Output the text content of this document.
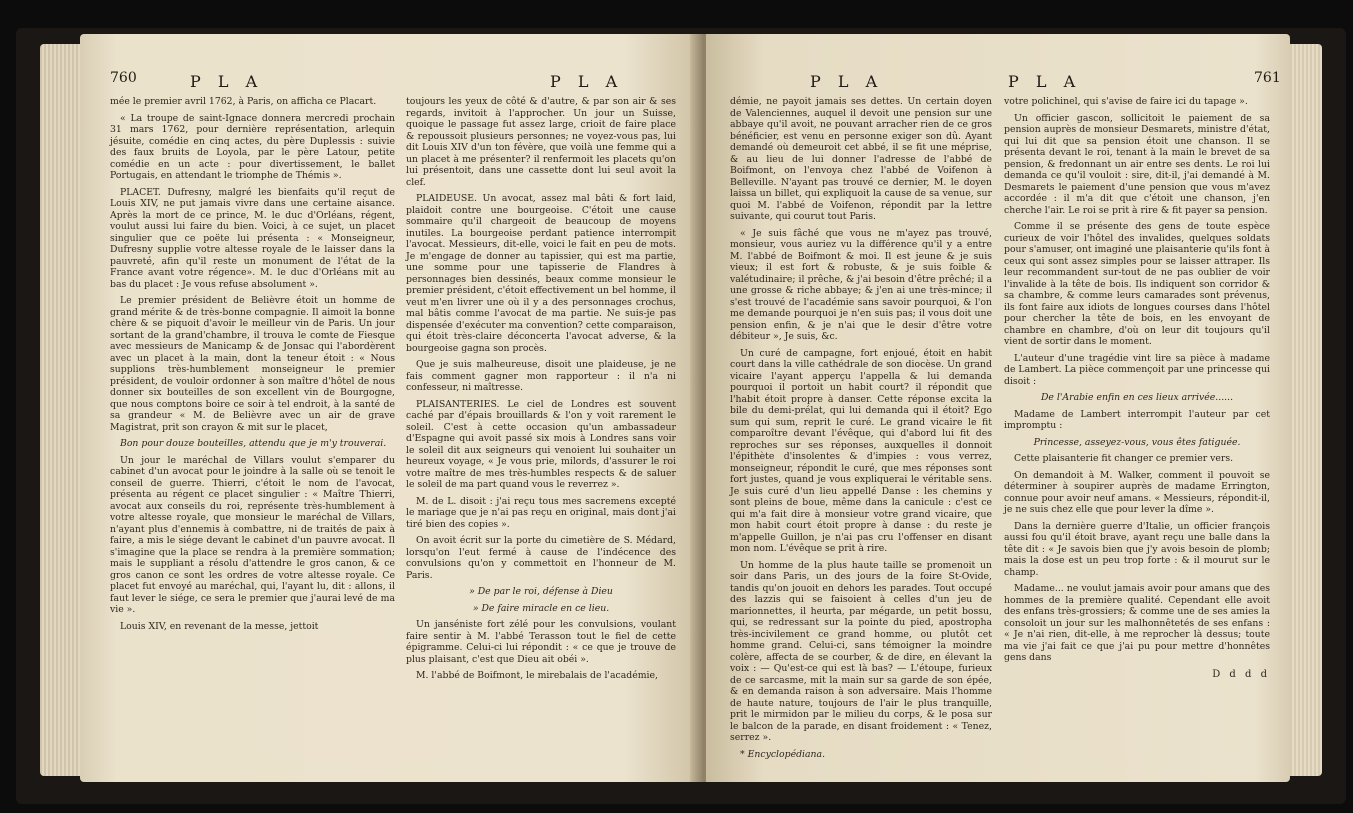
760	P L A	P L A

mée le premier avril 1762, à Paris, on afficha ce Placart.

« La troupe de saint-Ignace donnera mercredi prochain 31 mars 1762, pour dernière représentation, arlequin jésuite, comédie en cinq actes, du père Duplessis : suivie des faux bruits de Loyola, par le père Latour, petite comédie en un acte : pour divertissement, le ballet Portugais, en attendant le triomphe de Thémis ».

PLACET. Dufresny, malgré les bienfaits qu'il reçut de Louis XIV, ne put jamais vivre dans une certaine aisance. Après la mort de ce prince, M. le duc d'Orléans, régent, voulut aussi lui faire du bien. Voici, à ce sujet, un placet singulier que ce poëte lui présenta : « Monseigneur, Dufresny supplie votre altesse royale de le laisser dans la pauvreté, afin qu'il reste un monument de l'état de la France avant votre régence». M. le duc d'Orléans mit au bas du placet : Je vous refuse absolument ».

Le premier président de Belièvre étoit un homme de grand mérite & de très-bonne compagnie. Il aimoit la bonne chère & se piquoit d'avoir le meilleur vin de Paris. Un jour sortant de la grand'chambre, il trouva le comte de Fiesque avec messieurs de Manicamp & de Jonsac qui l'abordèrent avec un placet à la main, dont la teneur étoit : « Nous supplions très-humblement monseigneur le premier président, de vouloir ordonner à son maître d'hôtel de nous donner six bouteilles de son excellent vin de Bourgogne, que nous comptons boire ce soir à tel endroit, à la santé de sa grandeur « M. de Belièvre avec un air de grave Magistrat, prit son crayon & mit sur le placet,

Bon pour douze bouteilles, attendu que je m'y trouverai.

Un jour le maréchal de Villars voulut s'emparer du cabinet d'un avocat pour le joindre à la salle où se tenoit le conseil de guerre. Thierri, c'étoit le nom de l'avocat, présenta au régent ce placet singulier : « Maître Thierri, avocat aux conseils du roi, représente très-humblement à votre altesse royale, que monsieur le maréchal de Villars, n'ayant plus d'ennemis à combattre, ni de traités de paix à faire, a mis le siége devant le cabinet d'un pauvre avocat. Il s'imagine que la place se rendra à la première sommation; mais le suppliant a résolu d'attendre le gros canon, & ce gros canon ce sont les ordres de votre altesse royale. Ce placet fut envoyé au maréchal, qui, l'ayant lu, dit : allons, il faut lever le siége, ce sera le premier que j'aurai levé de ma vie ».

Louis XIV, en revenant de la messe, jettoit

toujours les yeux de côté & d'autre, & par son air & ses regards, invitoit à l'approcher. Un jour un Suisse, quoique le passage fut assez large, crioit de faire place & repoussoit plusieurs personnes; ne voyez-vous pas, lui dit Louis XIV d'un ton févère, que voilà une femme qui a un placet à me présenter? il renfermoit les placets qu'on lui présentoit, dans une cassette dont lui seul avoit la clef.

PLAIDEUSE. Un avocat, assez mal bâti & fort laid, plaidoit contre une bourgeoise. C'étoit une cause sommaire qu'il chargeoit de beaucoup de moyens inutiles. La bourgeoise perdant patience interrompit l'avocat. Messieurs, dit-elle, voici le fait en peu de mots. Je m'engage de donner au tapissier, qui est ma partie, une somme pour une tapisserie de Flandres à personnages bien dessinés, beaux comme monsieur le premier président, c'étoit effectivement un bel homme, il veut m'en livrer une où il y a des personnages crochus, mal bâtis comme l'avocat de ma partie. Ne suis-je pas dispensée d'exécuter ma convention? cette comparaison, qui étoit très-claire déconcerta l'avocat adverse, & la bourgeoise gagna son procès.

Que je suis malheureuse, disoit une plaideuse, je ne fais comment gagner mon rapporteur : il n'a ni confesseur, ni maîtresse.

PLAISANTERIES. Le ciel de Londres est souvent caché par d'épais brouillards & l'on y voit rarement le soleil. C'est à cette occasion qu'un ambassadeur d'Espagne qui avoit passé six mois à Londres sans voir le soleil dit aux seigneurs qui venoient lui souhaiter un heureux voyage, « Je vous prie, milords, d'assurer le roi votre maître de mes très-humbles respects & de saluer le soleil de ma part quand vous le reverrez ».

M. de L. disoit : j'ai reçu tous mes sacremens excepté le mariage que je n'ai pas reçu en original, mais dont j'ai tiré bien des copies ».

On avoit écrit sur la porte du cimetière de S. Médard, lorsqu'on l'eut fermé à cause de l'indécence des convulsions qu'on y commettoit en l'honneur de M. Paris.

» De par le roi, défense à Dieu

» De faire miracle en ce lieu.

Un janséniste fort zélé pour les convulsions, voulant faire sentir à M. l'abbé Terasson tout le fiel de cette épigramme. Celui-ci lui répondit : « ce que je trouve de plus plaisant, c'est que Dieu ait obéi ».

M. l'abbé de Boifmont, le mirebalais de l'académie,

P L A	P L A	761

démie, ne payoit jamais ses dettes. Un certain doyen de Valenciennes, auquel il devoit une pension sur une abbaye qu'il avoit, ne pouvant arracher rien de ce gros bénéficier, est venu en personne exiger son dû. Ayant demandé où demeuroit cet abbé, il se fit une méprise, & au lieu de lui donner l'adresse de l'abbé de Boifmont, on l'envoya chez l'abbé de Voifenon à Belleville. N'ayant pas trouvé ce dernier, M. le doyen laissa un billet, qui expliquoit la cause de sa venue, sur quoi M. l'abbé de Voifenon, répondit par la lettre suivante, qui courut tout Paris.

« Je suis fâché que vous ne m'ayez pas trouvé, monsieur, vous auriez vu la différence qu'il y a entre M. l'abbé de Boifmont & moi. Il est jeune & je suis vieux; il est fort & robuste, & je suis foible & valétudinaire; il prêche, & j'ai besoin d'être prêché; il a une grosse & riche abbaye; & j'en ai une très-mince; il s'est trouvé de l'académie sans savoir pourquoi, & l'on me demande pourquoi je n'en suis pas; il vous doit une pension enfin, & je n'ai que le desir d'être votre débiteur », Je suis, &c.

Un curé de campagne, fort enjoué, étoit en habit court dans la ville cathédrale de son diocèse. Un grand vicaire l'ayant apperçu l'appella & lui demanda pourquoi il portoit un habit court? il répondit que l'habit étoit propre à danser. Cette réponse excita la bile du demi-prélat, qui lui demanda qui il étoit? Ego sum qui sum, reprit le curé. Le grand vicaire le fit comparoître devant l'évêque, qui d'abord lui fit des reproches sur ses réponses, auxquelles il donnoit l'épithète d'insolentes & d'impies : vous verrez, monseigneur, répondit le curé, que mes réponses sont fort justes, quand je vous expliquerai le véritable sens. Je suis curé d'un lieu appellé Danse : les chemins y sont pleins de boue, même dans la canicule : c'est ce qui m'a fait dire à monsieur votre grand vicaire, que mon habit court étoit propre à danse : du reste je m'appelle Guillon, je n'ai pas cru l'offenser en disant mon nom. L'évêque se prit à rire.

Un homme de la plus haute taille se promenoit un soir dans Paris, un des jours de la foire St-Ovide, tandis qu'on jouoit en dehors les parades. Tout occupé des lazzis qui se faisoient à celles d'un jeu de marionnettes, il heurta, par mégarde, un petit bossu, qui, se redressant sur la pointe du pied, apostropha très-incivilement ce grand homme, ou plutôt cet homme grand. Celui-ci, sans témoigner la moindre colère, affecta de se courber, & de dire, en élevant la voix : — Qu'est-ce qui est là bas? — L'étoupe, furieux de ce sarcasme, mit la main sur sa garde de son épée, & en demanda raison à son adversaire. Mais l'homme de haute nature, toujours de l'air le plus tranquille, prit le mirmidon par le milieu du corps, & le posa sur le balcon de la parade, en disant froidement : « Tenez, serrez ».

* Encyclopédiana.

votre polichinel, qui s'avise de faire ici du tapage ».

Un officier gascon, sollicitoit le paiement de sa pension auprès de monsieur Desmarets, ministre d'état, qui lui dit que sa pension étoit une chanson. Il se présenta devant le roi, tenant à la main le brevet de sa pension, & fredonnant un air entre ses dents. Le roi lui demanda ce qu'il vouloit : sire, dit-il, j'ai demandé à M. Desmarets le paiement d'une pension que vous m'avez accordée : il m'a dit que c'étoit une chanson, j'en cherche l'air. Le roi se prit à rire & fit payer sa pension.

Comme il se présente des gens de toute espèce curieux de voir l'hôtel des invalides, quelques soldats pour s'amuser, ont imaginé une plaisanterie qu'ils font à ceux qui sont assez simples pour se laisser attraper. Ils leur recommandent sur-tout de ne pas oublier de voir l'invalide à la tête de bois. Ils indiquent son corridor & sa chambre, & comme leurs camarades sont prévenus, ils font faire aux idiots de longues courses dans l'hôtel pour chercher la tête de bois, en les envoyant de chambre en chambre, d'où on leur dit toujours qu'il vient de sortir dans le moment.

L'auteur d'une tragédie vint lire sa pièce à madame de Lambert. La pièce commençoit par une princesse qui disoit :

De l'Arabie enfin en ces lieux arrivée......

Madame de Lambert interrompit l'auteur par cet impromptu :

Princesse, asseyez-vous, vous êtes fatiguée.

Cette plaisanterie fit changer ce premier vers.

On demandoit à M. Walker, comment il pouvoit se déterminer à soupirer auprès de madame Errington, connue pour avoir neuf amans. « Messieurs, répondit-il, je ne suis chez elle que pour lever la dîme ».

Dans la dernière guerre d'Italie, un officier françois aussi fou qu'il étoit brave, ayant reçu une balle dans la tête dit : « Je savois bien que j'y avois besoin de plomb; mais la dose est un peu trop forte : & il mourut sur le champ.

Madame... ne voulut jamais avoir pour amans que des hommes de la première qualité. Cependant elle avoit des enfans très-grossiers; & comme une de ses amies la consoloit un jour sur les malhonnêtetés de ses enfans : « Je n'ai rien, dit-elle, à me reprocher là dessus; toute ma vie j'ai fait ce que j'ai pu pour mettre d'honnêtes gens dans

D d d d
